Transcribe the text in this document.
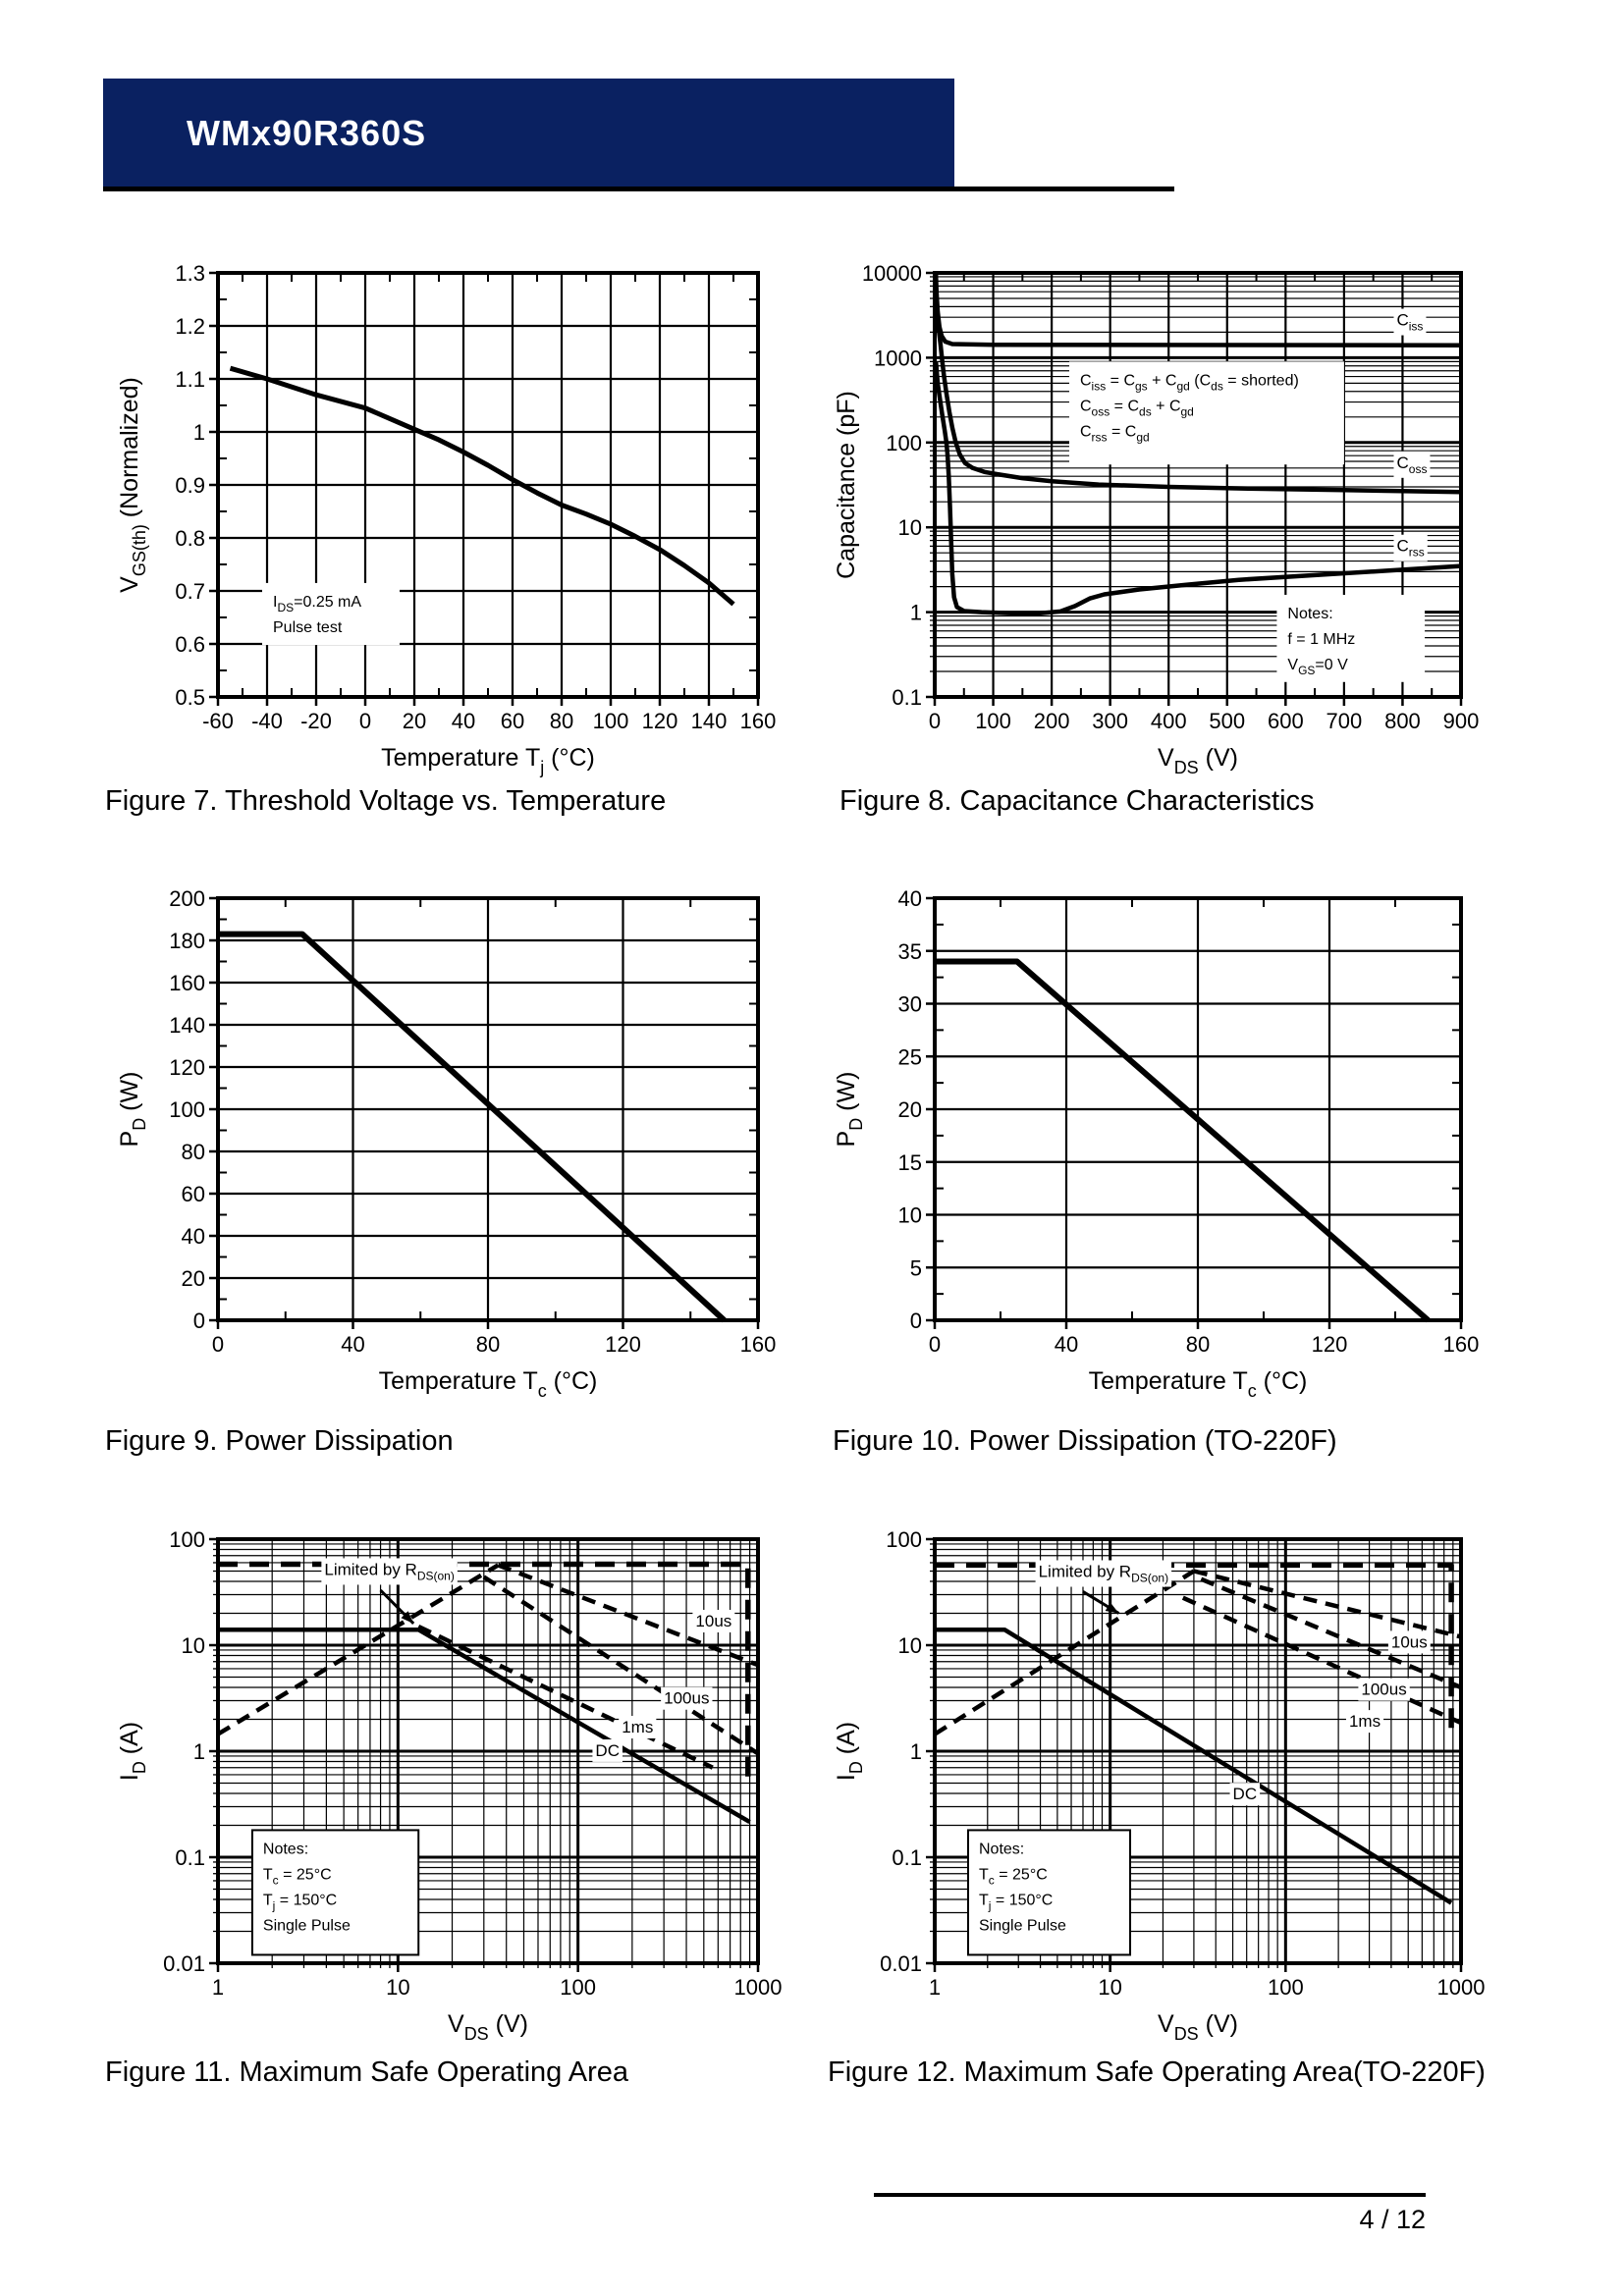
WMx90R360S
$I_{DS}=0.25$ mA
Pulse test
-60 -40 -20 0 20 40 60 80 100 120 140 160
0.5
0.6
0.7
0.8
0.9
1
1.1
1.2
1.3
Temperature $T_j$ (°C)
$V_{GS(th)}$ (Normalized)	$C_{iss} = C_{gs} + C_{gd}$ ($C_{ds}$ = shorted)
$C_{oss} = C_{ds} + C_{gd}$
$C_{rss} = C_{gd}$
Notes:
f = 1 MHz
$V_{GS}=0$ V
$C_{iss}$
$C_{oss}$
$C_{rss}$
0 100 200 300 400 500 600 700 800 900
0.1
1
10
100
1000
10000
$V_{DS}$ (V)
Capacitance (pF)
0	40	80	120	160
0
20
40
60
80
100
120
140
160
180
200
Temperature $T_c$ (°C)
$P_D$ (W)
0	40	80	120	160
0
5
10
15
20
25
30
35
40
Temperature $T_c$ (°C)
$P_D$ (W)
Notes:
$T_c = 25^\circ C$
$T_j = 150^\circ C$
Single Pulse
Limited by $R_{DS(on)}$
10us
100us
1ms
DC
1	10	100	1000
0.01
0.1
1
10
100
$V_{DS}$ (V)
$I_D$ (A)
Notes:
$T_c = 25^\circ C$
$T_j = 150^\circ C$
Single Pulse
Limited by $R_{DS(on)}$
10us
100us
1ms
DC
1	10	100	1000
0.01
0.1
1
10
100
$V_{DS}$ (V)
$I_D$ (A)
Figure 7. Threshold Voltage vs. Temperature	Figure 8. Capacitance Characteristics
Figure 9. Power Dissipation	Figure 10. Power Dissipation (TO-220F)
Figure 11. Maximum Safe Operating Area	Figure 12. Maximum Safe Operating Area(TO-220F)
4 / 12
